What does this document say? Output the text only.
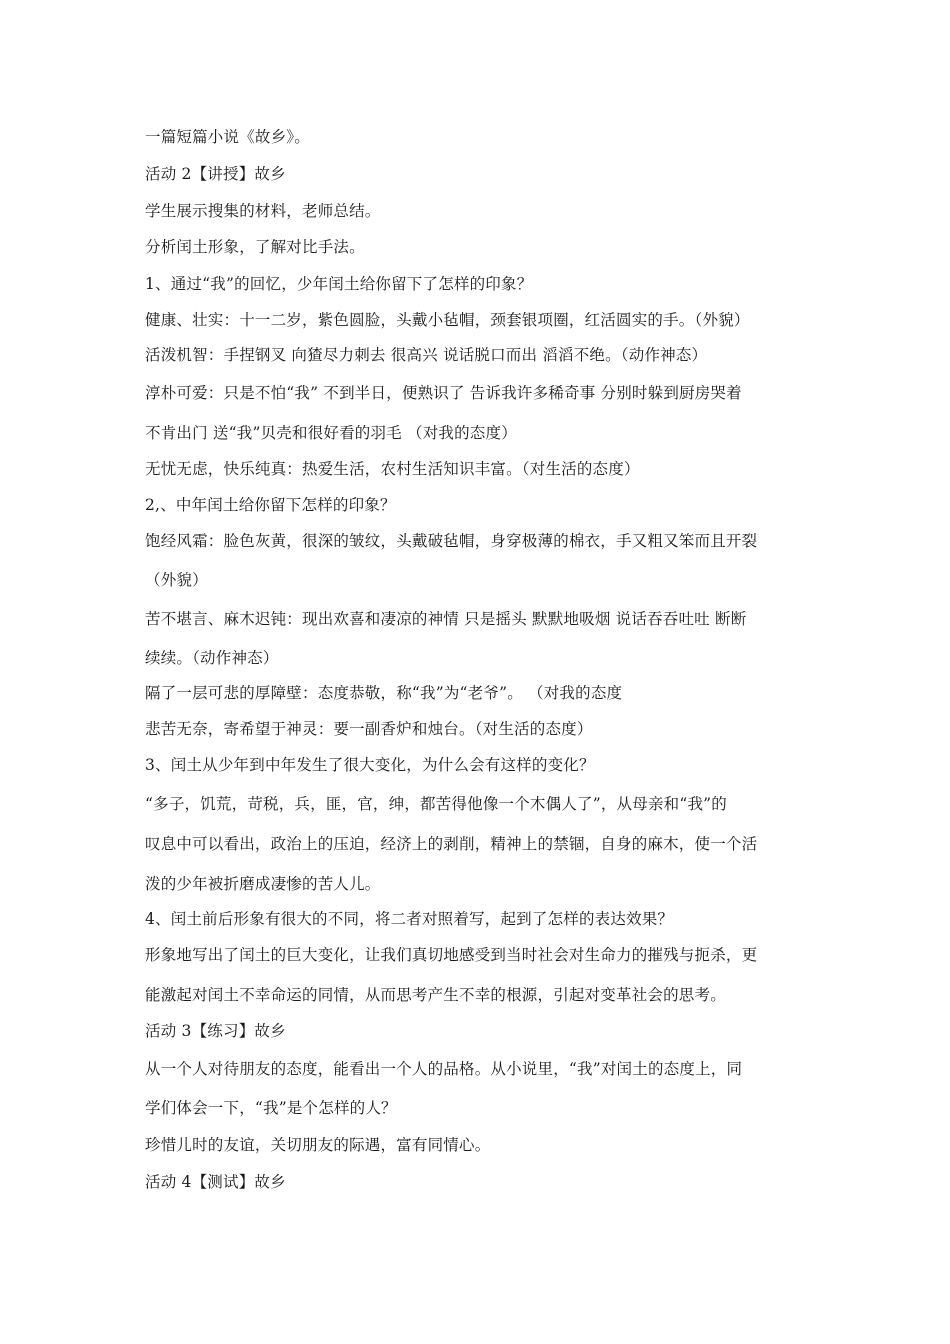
一篇短篇小说《故乡》。
活动 2【讲授】故乡
学生展示搜集的材料，老师总结。
分析闰土形象，了解对比手法。
1、通过“我”的回忆，少年闰土给你留下了怎样的印象？
健康、壮实：十一二岁，紫色圆脸，头戴小毡帽，颈套银项圈，红活圆实的手。（外貌）
活泼机智：手捏钢叉 向猹尽力刺去 很高兴 说话脱口而出 滔滔不绝。（动作神态）
淳朴可爱：只是不怕“我” 不到半日，便熟识了 告诉我许多稀奇事 分别时躲到厨房哭着
不肯出门 送“我”贝壳和很好看的羽毛 （对我的态度）
无忧无虑，快乐纯真：热爱生活，农村生活知识丰富。（对生活的态度）
2,、中年闰土给你留下怎样的印象？
饱经风霜：脸色灰黄，很深的皱纹，头戴破毡帽，身穿极薄的棉衣，手又粗又笨而且开裂
（外貌）
苦不堪言、麻木迟钝：现出欢喜和凄凉的神情 只是摇头 默默地吸烟 说话吞吞吐吐 断断
续续。（动作神态）
隔了一层可悲的厚障壁：态度恭敬，称“我”为“老爷”。 （对我的态度
悲苦无奈，寄希望于神灵：要一副香炉和烛台。（对生活的态度）
3、闰土从少年到中年发生了很大变化，为什么会有这样的变化？
“多子，饥荒，苛税，兵，匪，官，绅，都苦得他像一个木偶人了”，从母亲和“我”的
叹息中可以看出，政治上的压迫，经济上的剥削，精神上的禁锢，自身的麻木，使一个活
泼的少年被折磨成凄惨的苦人儿。
4、闰土前后形象有很大的不同，将二者对照着写，起到了怎样的表达效果？
形象地写出了闰土的巨大变化，让我们真切地感受到当时社会对生命力的摧残与扼杀，更
能激起对闰土不幸命运的同情，从而思考产生不幸的根源，引起对变革社会的思考。
活动 3【练习】故乡
从一个人对待朋友的态度，能看出一个人的品格。从小说里，“我”对闰土的态度上，同
学们体会一下，“我”是个怎样的人？
珍惜儿时的友谊，关切朋友的际遇，富有同情心。
活动 4【测试】故乡
